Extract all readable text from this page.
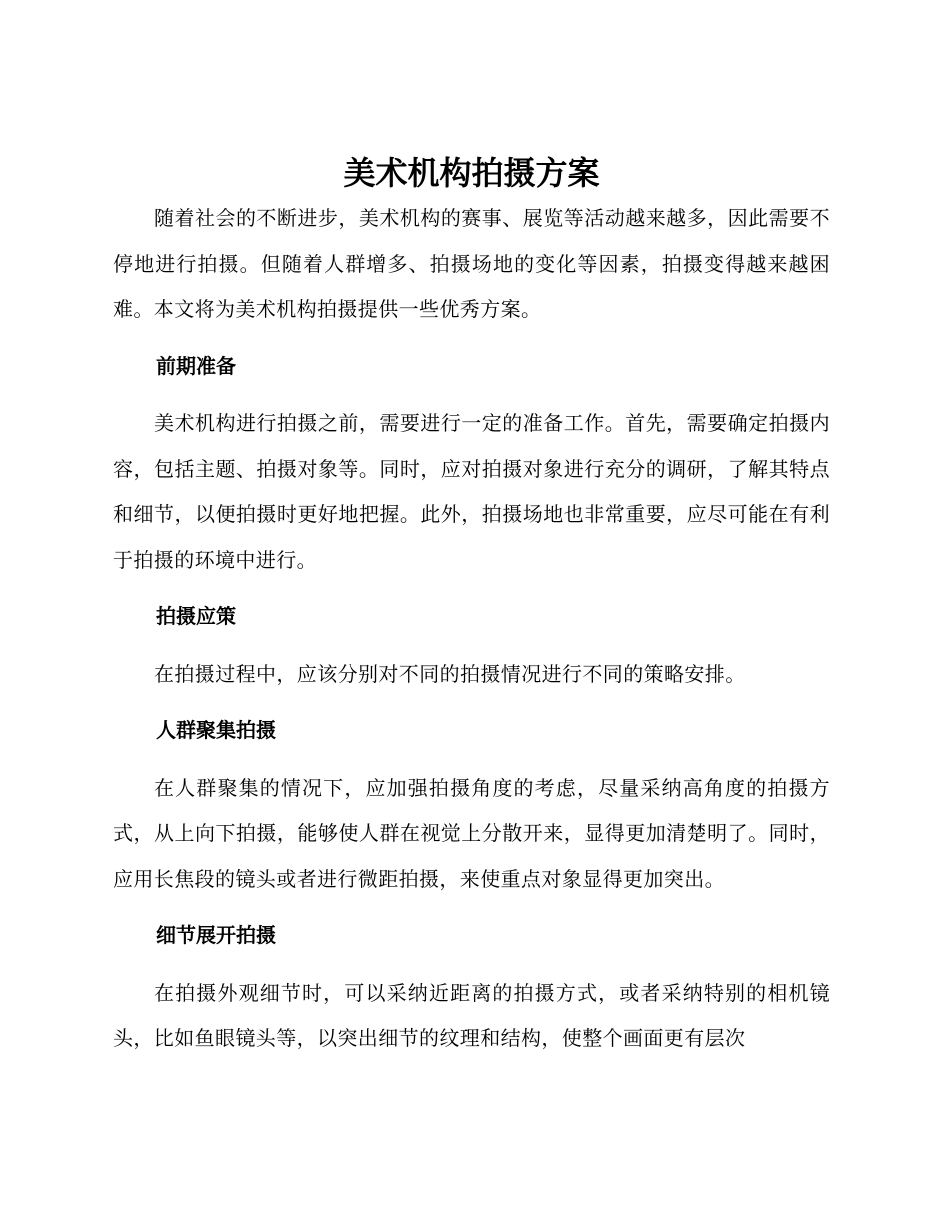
美术机构拍摄方案

随着社会的不断进步，美术机构的赛事、展览等活动越来越多，因此需要不停地进行拍摄。但随着人群增多、拍摄场地的变化等因素，拍摄变得越来越困难。本文将为美术机构拍摄提供一些优秀方案。

前期准备

美术机构进行拍摄之前，需要进行一定的准备工作。首先，需要确定拍摄内容，包括主题、拍摄对象等。同时，应对拍摄对象进行充分的调研，了解其特点和细节，以便拍摄时更好地把握。此外，拍摄场地也非常重要，应尽可能在有利于拍摄的环境中进行。

拍摄应策

在拍摄过程中，应该分别对不同的拍摄情况进行不同的策略安排。

人群聚集拍摄

在人群聚集的情况下，应加强拍摄角度的考虑，尽量采纳高角度的拍摄方式，从上向下拍摄，能够使人群在视觉上分散开来，显得更加清楚明了。同时，应用长焦段的镜头或者进行微距拍摄，来使重点对象显得更加突出。

细节展开拍摄

在拍摄外观细节时，可以采纳近距离的拍摄方式，或者采纳特别的相机镜头，比如鱼眼镜头等，以突出细节的纹理和结构，使整个画面更有层次
